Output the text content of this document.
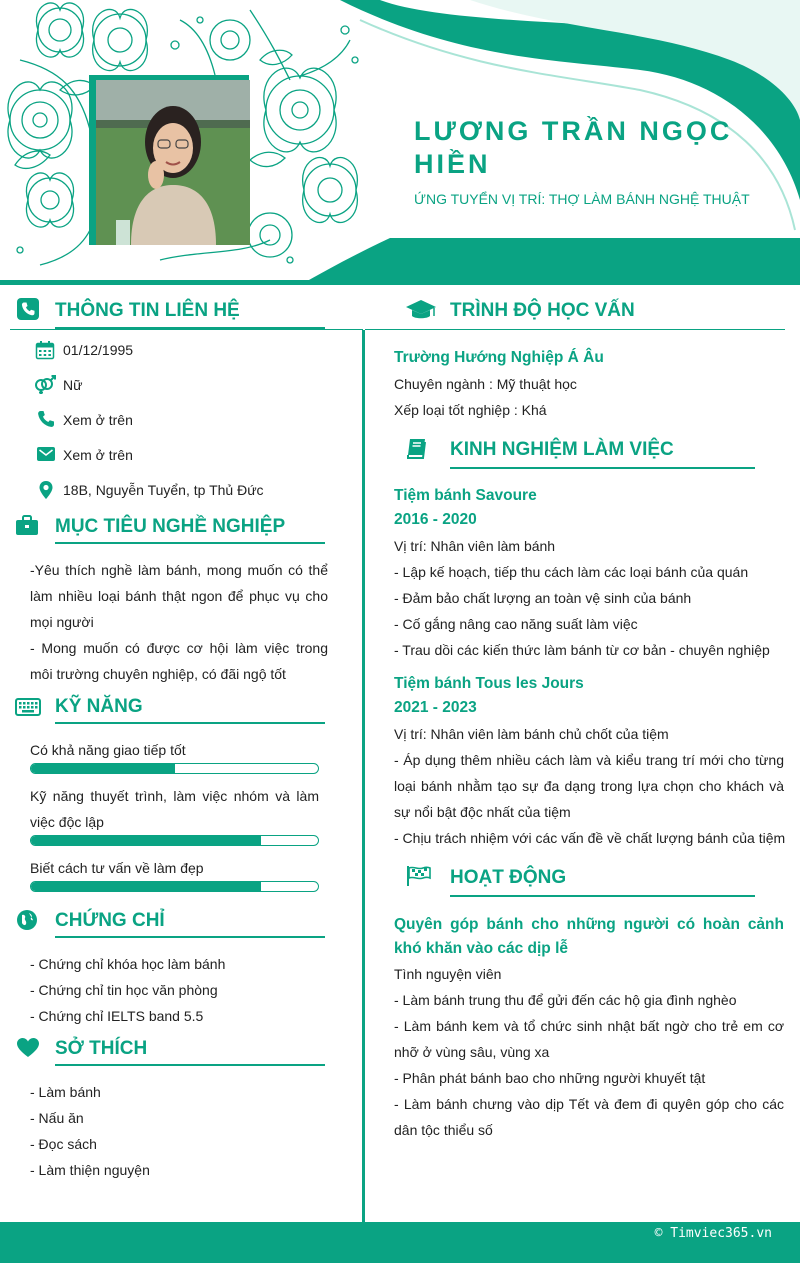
LƯƠNG TRẦN NGỌC HIỀN
ỨNG TUYỂN VỊ TRÍ: THỢ LÀM BÁNH NGHỆ THUẬT
THÔNG TIN LIÊN HỆ
01/12/1995
Nữ
Xem ở trên
Xem ở trên
18B, Nguyễn Tuyển, tp Thủ Đức
MỤC TIÊU NGHỀ NGHIỆP
-Yêu thích nghề làm bánh, mong muốn có thể làm nhiều loại bánh thật ngon để phục vụ cho mọi người
- Mong muốn có được cơ hội làm việc trong môi trường chuyên nghiệp, có đãi ngộ tốt
KỸ NĂNG
Có khả năng giao tiếp tốt
Kỹ năng thuyết trình, làm việc nhóm và làm việc độc lập
Biết cách tư vấn về làm đẹp
CHỨNG CHỈ
- Chứng chỉ khóa học làm bánh
- Chứng chỉ tin học văn phòng
- Chứng chỉ IELTS band 5.5
SỞ THÍCH
- Làm bánh
- Nấu ăn
- Đọc sách
- Làm thiện nguyện
TRÌNH ĐỘ HỌC VẤN
Trường Hướng Nghiệp Á Âu
Chuyên ngành : Mỹ thuật học
Xếp loại tốt nghiệp : Khá
KINH NGHIỆM LÀM VIỆC
Tiệm bánh Savoure
2016 - 2020
Vị trí: Nhân viên làm bánh
- Lập kế hoạch, tiếp thu cách làm các loại bánh của quán
- Đảm bảo chất lượng an toàn vệ sinh của bánh
- Cố gắng nâng cao năng suất làm việc
- Trau dồi các kiến thức làm bánh từ cơ bản - chuyên nghiệp
Tiệm bánh Tous les Jours
2021 - 2023
Vị trí: Nhân viên làm bánh chủ chốt của tiệm
- Áp dụng thêm nhiều cách làm và kiểu trang trí mới cho từng loại bánh nhằm tạo sự đa dạng trong lựa chọn cho khách và sự nổi bật độc nhất của tiệm
- Chịu trách nhiệm với các vấn đề về chất lượng bánh của tiệm
HOẠT ĐỘNG
Quyên góp bánh cho những người có hoàn cảnh khó khăn vào các dịp lễ
Tình nguyện viên
- Làm bánh trung thu để gửi đến các hộ gia đình nghèo
- Làm bánh kem và tổ chức sinh nhật bất ngờ cho trẻ em cơ nhỡ ở vùng sâu, vùng xa
- Phân phát bánh bao cho những người khuyết tật
- Làm bánh chưng vào dịp Tết và đem đi quyên góp cho các dân tộc thiểu số
© Timviec365.vn
